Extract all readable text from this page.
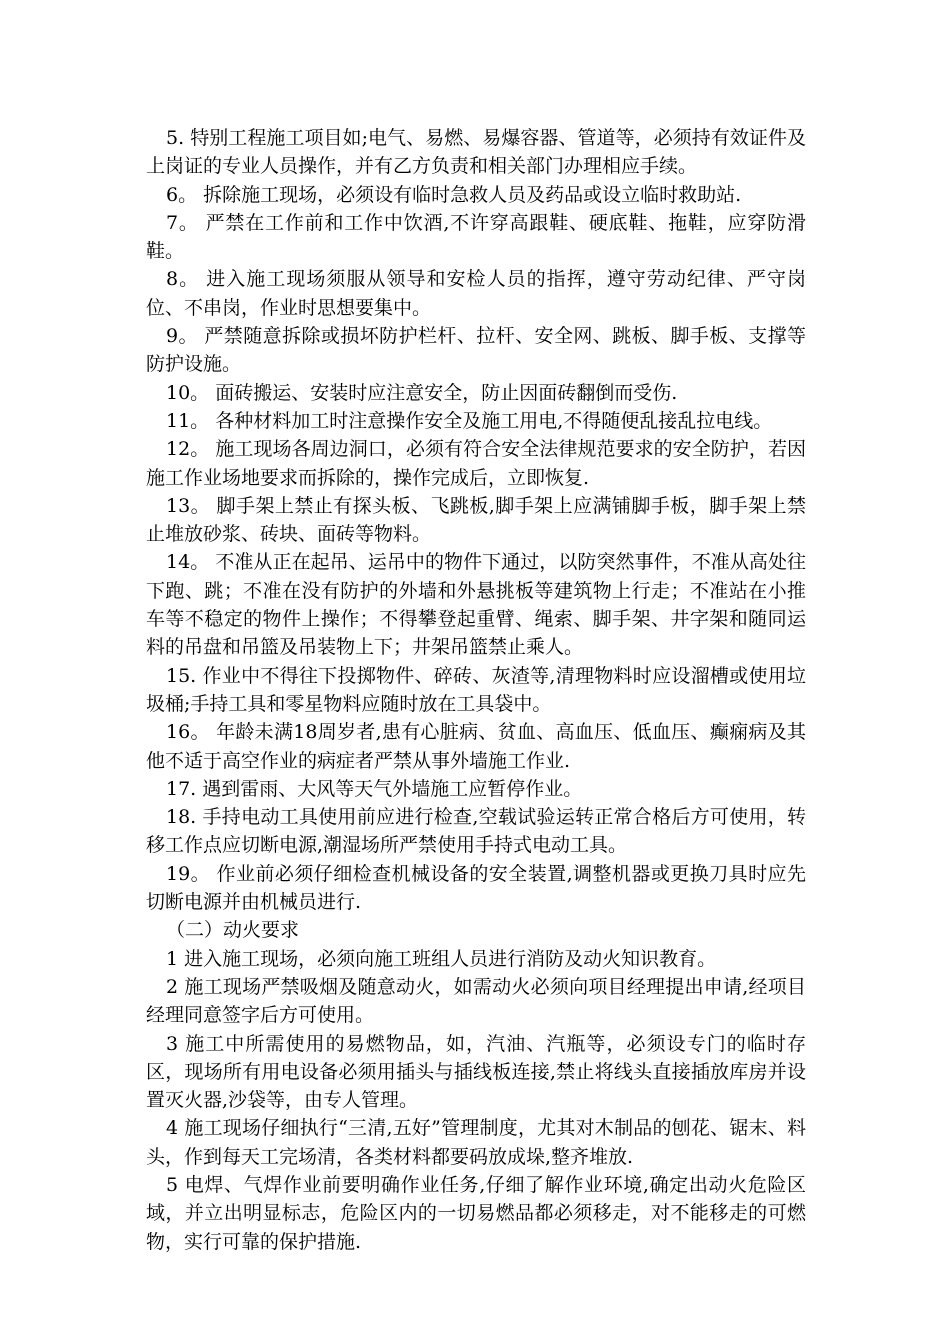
5. 特别工程施工项目如;电气、易燃、易爆容器、管道等，必须持有效证件及上岗证的专业人员操作，并有乙方负责和相关部门办理相应手续。

6。 拆除施工现场，必须设有临时急救人员及药品或设立临时救助站.

7。 严禁在工作前和工作中饮酒,不许穿高跟鞋、硬底鞋、拖鞋，应穿防滑鞋。

8。 进入施工现场须服从领导和安检人员的指挥，遵守劳动纪律、严守岗位、不串岗，作业时思想要集中。

9。 严禁随意拆除或损坏防护栏杆、拉杆、安全网、跳板、脚手板、支撑等防护设施。

10。 面砖搬运、安装时应注意安全，防止因面砖翻倒而受伤.

11。 各种材料加工时注意操作安全及施工用电,不得随便乱接乱拉电线。

12。 施工现场各周边洞口，必须有符合安全法律规范要求的安全防护，若因施工作业场地要求而拆除的，操作完成后，立即恢复.

13。 脚手架上禁止有探头板、飞跳板,脚手架上应满铺脚手板，脚手架上禁止堆放砂浆、砖块、面砖等物料。

14。 不准从正在起吊、运吊中的物件下通过，以防突然事件，不准从高处往下跑、跳；不准在没有防护的外墙和外悬挑板等建筑物上行走；不准站在小推车等不稳定的物件上操作；不得攀登起重臂、绳索、脚手架、井字架和随同运料的吊盘和吊篮及吊装物上下；井架吊篮禁止乘人。

15. 作业中不得往下投掷物件、碎砖、灰渣等,清理物料时应设溜槽或使用垃圾桶;手持工具和零星物料应随时放在工具袋中。

16。 年龄未满18周岁者,患有心脏病、贫血、高血压、低血压、癫痫病及其他不适于高空作业的病症者严禁从事外墙施工作业.

17. 遇到雷雨、大风等天气外墙施工应暂停作业。

18. 手持电动工具使用前应进行检查,空载试验运转正常合格后方可使用，转移工作点应切断电源,潮湿场所严禁使用手持式电动工具。

19。 作业前必须仔细检查机械设备的安全装置,调整机器或更换刀具时应先切断电源并由机械员进行.

（二）动火要求

1 进入施工现场，必须向施工班组人员进行消防及动火知识教育。

2 施工现场严禁吸烟及随意动火，如需动火必须向项目经理提出申请,经项目经理同意签字后方可使用。

3 施工中所需使用的易燃物品，如，汽油、汽瓶等，必须设专门的临时存区，现场所有用电设备必须用插头与插线板连接,禁止将线头直接插放库房并设置灭火器,沙袋等，由专人管理。

4 施工现场仔细执行“三清,五好”管理制度，尤其对木制品的刨花、锯末、料头，作到每天工完场清，各类材料都要码放成垛,整齐堆放.

5 电焊、气焊作业前要明确作业任务,仔细了解作业环境,确定出动火危险区域，并立出明显标志，危险区内的一切易燃品都必须移走，对不能移走的可燃物，实行可靠的保护措施.
